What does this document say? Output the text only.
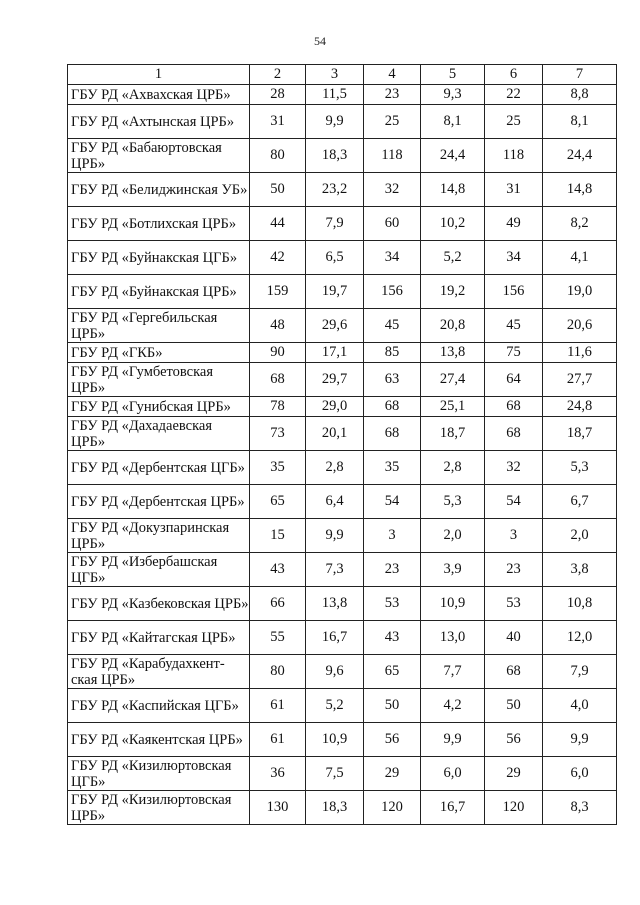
54
1	2	3	4	5	6	7
ГБУ РД «Ахвахская ЦРБ»	28	11,5	23	9,3	22	8,8
ГБУ РД «Ахтынская ЦРБ»	31	9,9	25	8,1	25	8,1
ГБУ РД «Бабаюртовская ЦРБ»	80	18,3	118	24,4	118	24,4
ГБУ РД «Белиджинская УБ»	50	23,2	32	14,8	31	14,8
ГБУ РД «Ботлихская ЦРБ»	44	7,9	60	10,2	49	8,2
ГБУ РД «Буйнакская ЦГБ»	42	6,5	34	5,2	34	4,1
ГБУ РД «Буйнакская ЦРБ»	159	19,7	156	19,2	156	19,0
ГБУ РД «Гергебильская ЦРБ»	48	29,6	45	20,8	45	20,6
ГБУ РД «ГКБ»	90	17,1	85	13,8	75	11,6
ГБУ РД «Гумбетовская ЦРБ»	68	29,7	63	27,4	64	27,7
ГБУ РД «Гунибская ЦРБ»	78	29,0	68	25,1	68	24,8
ГБУ РД «Дахадаевская ЦРБ»	73	20,1	68	18,7	68	18,7
ГБУ РД «Дербентская ЦГБ»	35	2,8	35	2,8	32	5,3
ГБУ РД «Дербентская ЦРБ»	65	6,4	54	5,3	54	6,7
ГБУ РД «Докузпаринская ЦРБ»	15	9,9	3	2,0	3	2,0
ГБУ РД «Избербашская ЦГБ»	43	7,3	23	3,9	23	3,8
ГБУ РД «Казбековская ЦРБ»	66	13,8	53	10,9	53	10,8
ГБУ РД «Кайтагская ЦРБ»	55	16,7	43	13,0	40	12,0
ГБУ РД «Карабудахкент-ская ЦРБ»	80	9,6	65	7,7	68	7,9
ГБУ РД «Каспийская ЦГБ»	61	5,2	50	4,2	50	4,0
ГБУ РД «Каякентская ЦРБ»	61	10,9	56	9,9	56	9,9
ГБУ РД «Кизилюртовская ЦГБ»	36	7,5	29	6,0	29	6,0
ГБУ РД «Кизилюртовская ЦРБ»	130	18,3	120	16,7	120	8,3
